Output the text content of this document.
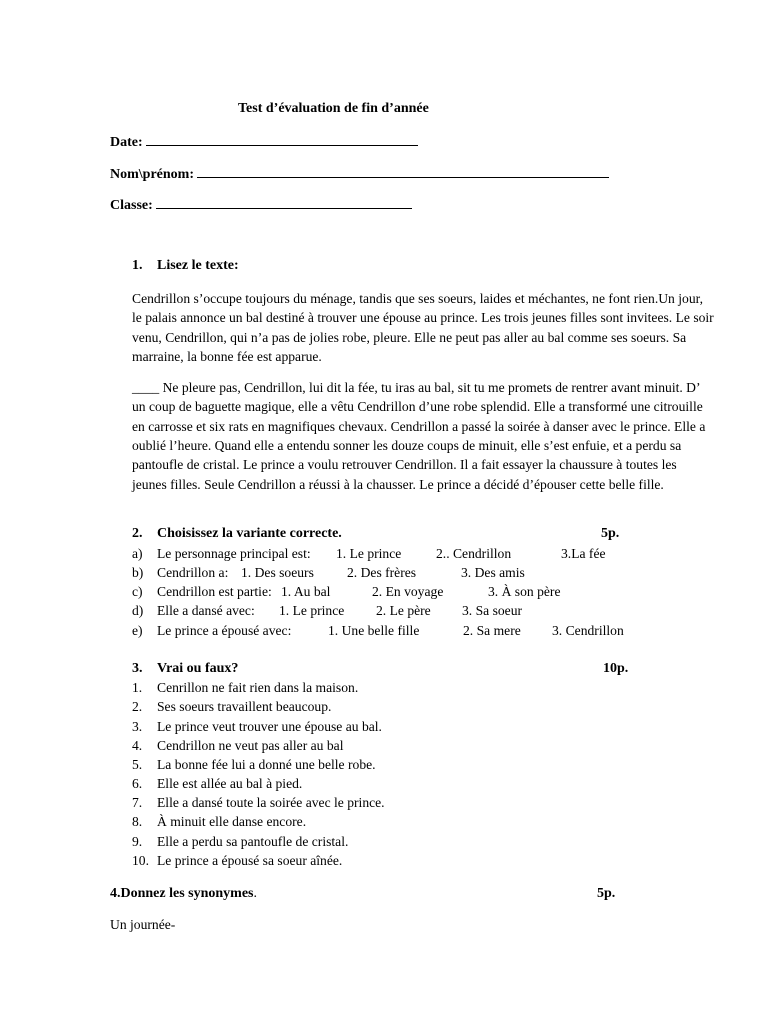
Test d’évaluation de fin d’année
Date:
Nom\prénom:
Classe:
1. Lisez le texte:

Cendrillon s’occupe toujours du ménage, tandis que ses soeurs, laides et méchantes, ne font rien.Un jour, le palais annonce un bal destiné à trouver une épouse au prince. Les trois jeunes filles sont invitees. Le soir venu, Cendrillon, qui n’a pas de jolies robe, pleure. Elle ne peut pas aller au bal comme ses soeurs. Sa marraine, la bonne fée est apparue.

____ Ne pleure pas, Cendrillon, lui dit la fée, tu iras au bal, sit tu me promets de rentrer avant minuit. D’ un coup de baguette magique, elle a vêtu Cendrillon d’une robe splendid. Elle a transformé une citrouille en carrosse et six rats en magnifiques chevaux. Cendrillon a passé la soirée à danser avec le prince. Elle a oublié l’heure. Quand elle a entendu sonner les douze coups de minuit, elle s’est enfuie, et a perdu sa pantoufle de cristal. Le prince a voulu retrouver Cendrillon. Il a fait essayer la chaussure à toutes les jeunes filles. Seule Cendrillon a réussi à la chausser. Le prince a décidé d’épouser cette belle fille.

2. Choisissez la variante correcte.	5p.
a) Le personnage principal est: 1. Le prince	2.. Cendrillon	3.La fée
b) Cendrillon a: 1. Des soeurs 2. Des frères	3. Des amis
c) Cendrillon est partie: 1. Au bal	2. En voyage	3. À son père
d) Elle a dansé avec: 1. Le prince 2. Le père 3. Sa soeur
e) Le prince a épousé avec:	1. Une belle fille	2. Sa mere 3. Cendrillon
3. Vrai ou faux?	10p.
1. Cenrillon ne fait rien dans la maison.
2. Ses soeurs travaillent beaucoup.
3. Le prince veut trouver une épouse au bal.
4. Cendrillon ne veut pas aller au bal
5. La bonne fée lui a donné une belle robe.
6. Elle est allée au bal à pied.
7. Elle a dansé toute la soirée avec le prince.
8. À minuit elle danse encore.
9. Elle a perdu sa pantoufle de cristal.
10. Le prince a épousé sa soeur aînée.
4.Donnez les synonymes.	5p.
Un journée-
